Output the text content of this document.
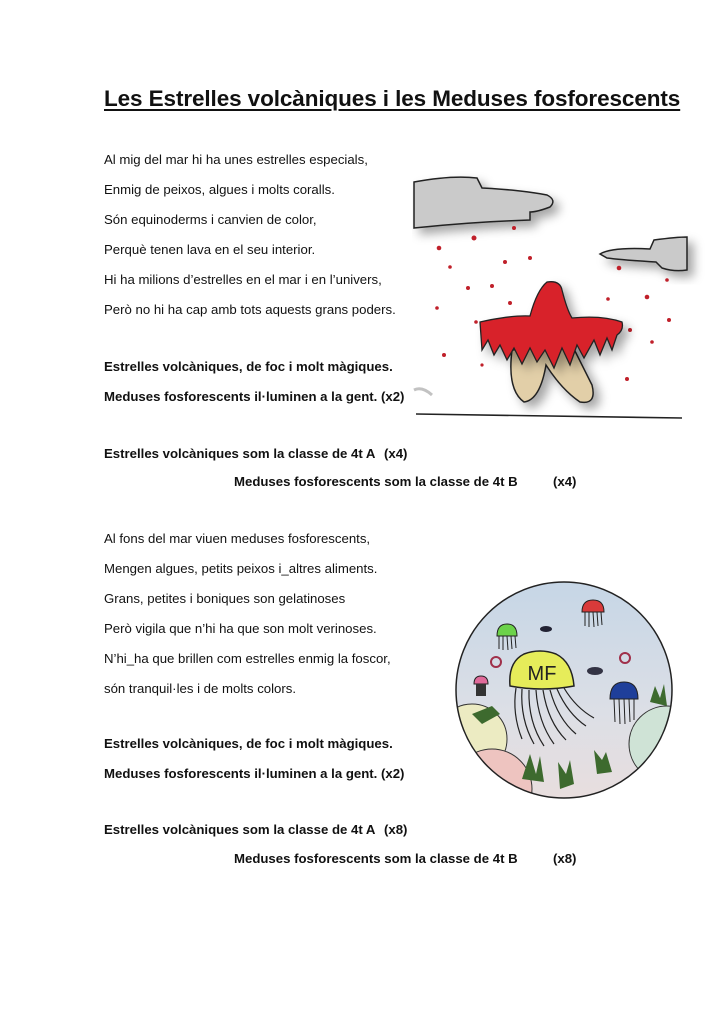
Les Estrelles volcàniques i les Meduses fosforescents
Al mig del mar hi ha unes estrelles especials,
Enmig de peixos, algues i molts coralls.
Són equinoderms i canvien de color,
Perquè tenen lava en el seu interior.
Hi ha milions d’estrelles en el mar i en l’univers,
Però no hi ha cap amb tots aquests grans poders.
Estrelles volcàniques, de foc i molt màgiques.
Meduses fosforescents il·luminen a la gent. (x2)
Estrelles volcàniques som la classe de 4t A (x4)
Meduses fosforescents som la classe de 4t B	(x4)
Al fons del mar viuen meduses fosforescents,
Mengen algues, petits peixos i_altres aliments.
Grans, petites i boniques son gelatinoses
Però vigila que n’hi ha que son molt verinoses.
N’hi_ha que brillen com estrelles enmig la foscor,
són tranquil·les i de molts colors.
Estrelles volcàniques, de foc i molt màgiques.
Meduses fosforescents il·luminen a la gent. (x2)
Estrelles volcàniques som la classe de 4t A (x8)
Meduses fosforescents som la classe de 4t B	(x8)
MF
